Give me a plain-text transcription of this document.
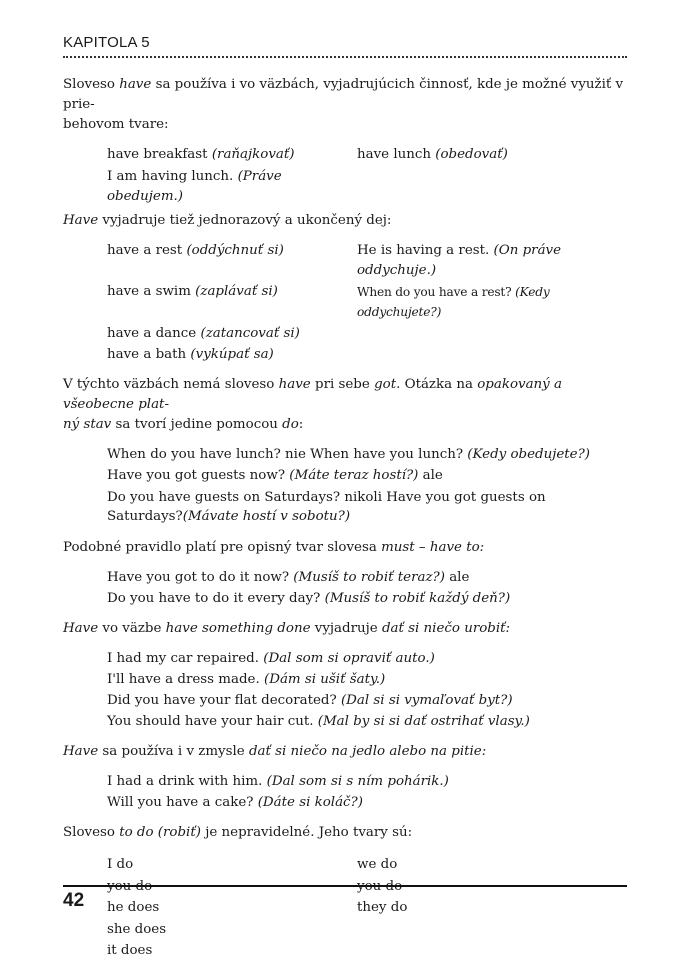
KAPITOLA 5

Sloveso have sa používa i vo väzbách, vyjadrujúcich činnosť, kde je možné využiť v prie-
behovom tvare:

have breakfast (raňajkovať)	have lunch (obedovať)
I am having lunch. (Práve obedujem.)

Have vyjadruje tiež jednorazový a ukončený dej:

have a rest (oddýchnuť si)	He is having a rest. (On práve oddychuje.)
have a swim (zaplávať si)	When do you have a rest? (Kedy oddychujete?)
have a dance (zatancovať si)
have a bath (vykúpať sa)

V týchto väzbách nemá sloveso have pri sebe got. Otázka na opakovaný a všeobecne plat-
ný stav sa tvorí jedine pomocou do:

When do you have lunch? nie When have you lunch? (Kedy obedujete?)
Have you got guests now? (Máte teraz hostí?) ale
Do you have guests on Saturdays? nikoli Have you got guests on
Saturdays?(Mávate hostí v sobotu?)

Podobné pravidlo platí pre opisný tvar slovesa must – have to:

Have you got to do it now? (Musíš to robiť teraz?) ale
Do you have to do it every day? (Musíš to robiť každý deň?)

Have vo väzbe have something done vyjadruje dať si niečo urobiť:

I had my car repaired. (Dal som si opraviť auto.)
I'll have a dress made. (Dám si ušiť šaty.)
Did you have your flat decorated? (Dal si si vymaľovať byt?)
You should have your hair cut. (Mal by si si dať ostrihať vlasy.)

Have sa používa i v zmysle dať si niečo na jedlo alebo na pitie:

I had a drink with him. (Dal som si s ním pohárik.)
Will you have a cake? (Dáte si koláč?)

Sloveso to do (robiť) je nepravidelné. Jeho tvary sú:

I do	we do
you do	you do
he does	they do
she does
it does
42
